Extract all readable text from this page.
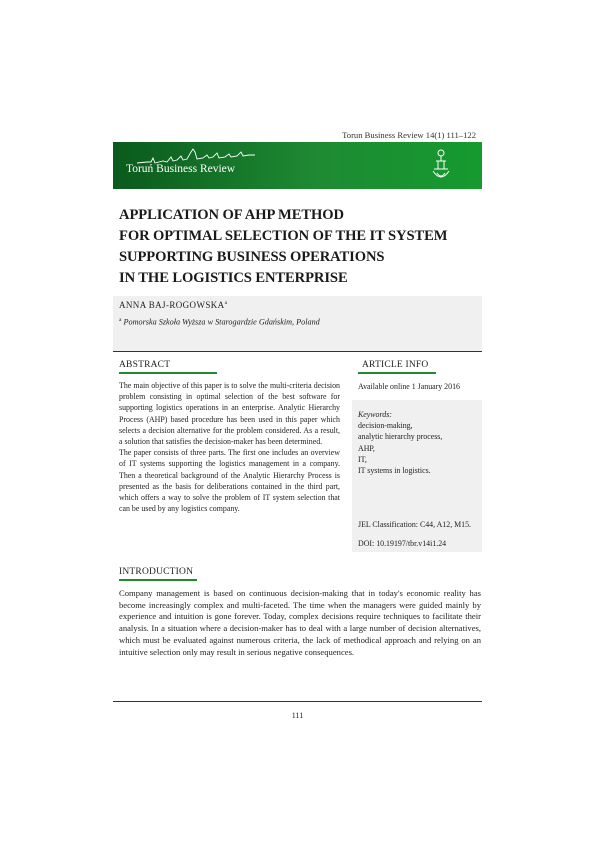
Torun Business Review 14(1) 111–122
Toruń Business Review
APPLICATION OF AHP METHOD
FOR OPTIMAL SELECTION OF THE IT SYSTEM
SUPPORTING BUSINESS OPERATIONS
IN THE LOGISTICS ENTERPRISE
ANNA BAJ-ROGOWSKA$^a$
$^a$ Pomorska Szkoła Wyższa w Starogardzie Gdańskim, Poland
ABSTRACT

The main objective of this paper is to solve the multi-criteria decision problem consisting in optimal selection of the best software for supporting logistics operations in an enterprise. Analytic Hierarchy Process (AHP) based procedure has been used in this paper which selects a decision alternative for the problem considered. As a result, a solution that satisfies the decision-maker has been determined.

The paper consists of three parts. The first one includes an overview of IT systems supporting the logistics management in a company. Then a theoretical background of the Analytic Hierarchy Process is presented as the basis for deliberations contained in the third part, which offers a way to solve the problem of IT system selection that can be used by any logistics company.

ARTICLE INFO
Available online 1 January 2016
Keywords:
decision-making,
analytic hierarchy process,
AHP,
IT,
IT systems in logistics.
JEL Classification: C44, A12, M15.
DOI: 10.19197/tbr.v14i1.24
INTRODUCTION
Company management is based on continuous decision-making that in today's economic reality has become increasingly complex and multi-faceted. The time when the managers were guided mainly by experience and intuition is gone forever. Today, complex decisions require techniques to facilitate their analysis. In a situation where a decision-maker has to deal with a large number of decision alternatives, which must be evaluated against numerous criteria, the lack of methodical approach and relying on an intuitive selection only may result in serious negative consequences.
111
